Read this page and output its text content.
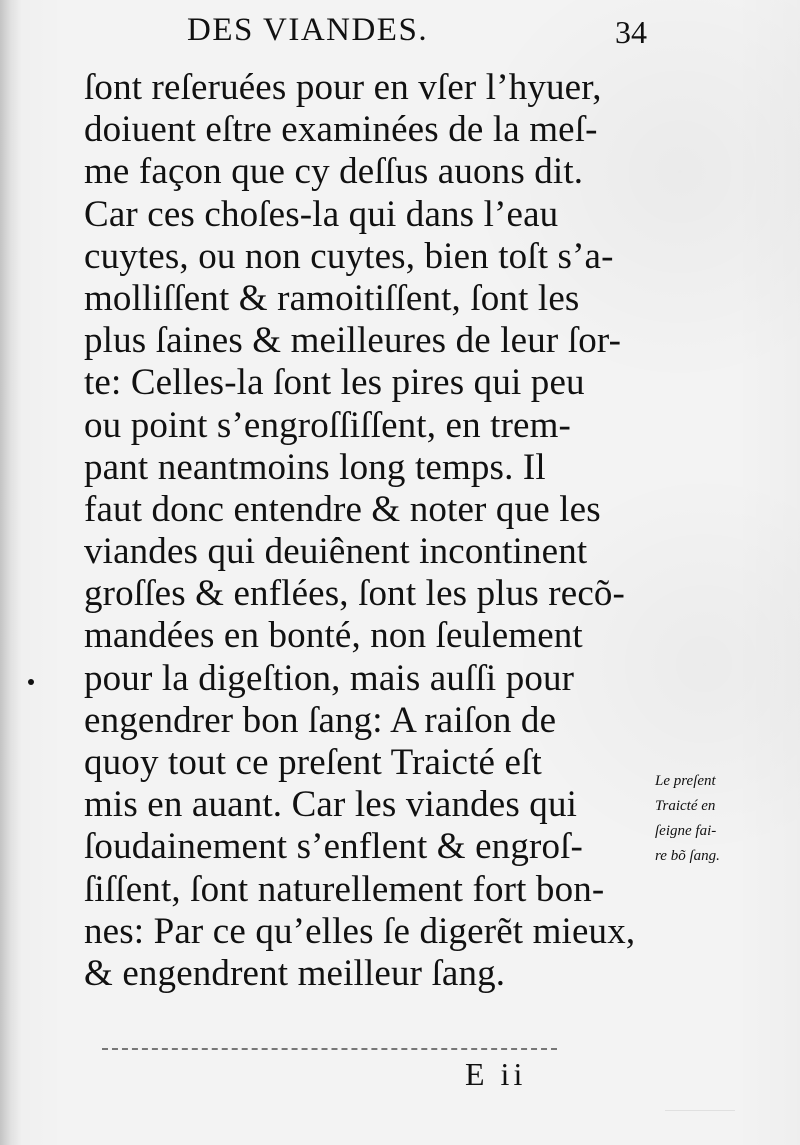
DES VIANDES.	34
ſont reſeruées pour en vſer l’hyuer,
doiuent eſtre examinées de la meſ-
me façon que cy deſſus auons dit.
Car ces choſes-la qui dans l’eau
cuytes, ou non cuytes, bien toſt s’a-
molliſſent & ramoitiſſent, ſont les
plus ſaines & meilleures de leur ſor-
te: Celles-la ſont les pires qui peu
ou point s’engroſſiſſent, en trem-
pant neantmoins long temps. Il
faut donc entendre & noter que les
viandes qui deuiênent incontinent
groſſes & enflées, ſont les plus recõ-
mandées en bonté, non ſeulement
pour la digeſtion, mais auſſi pour
engendrer bon ſang: A raiſon de
quoy tout ce preſent Traicté eſt
mis en auant. Car les viandes qui
ſoudainement s’enflent & engroſ-
ſiſſent, ſont naturellement fort bon-
nes: Par ce qu’elles ſe digerẽt mieux,
& engendrent meilleur ſang.
E ii
Le preſent
Traicté en
ſeigne fai-
re bõ ſang.
